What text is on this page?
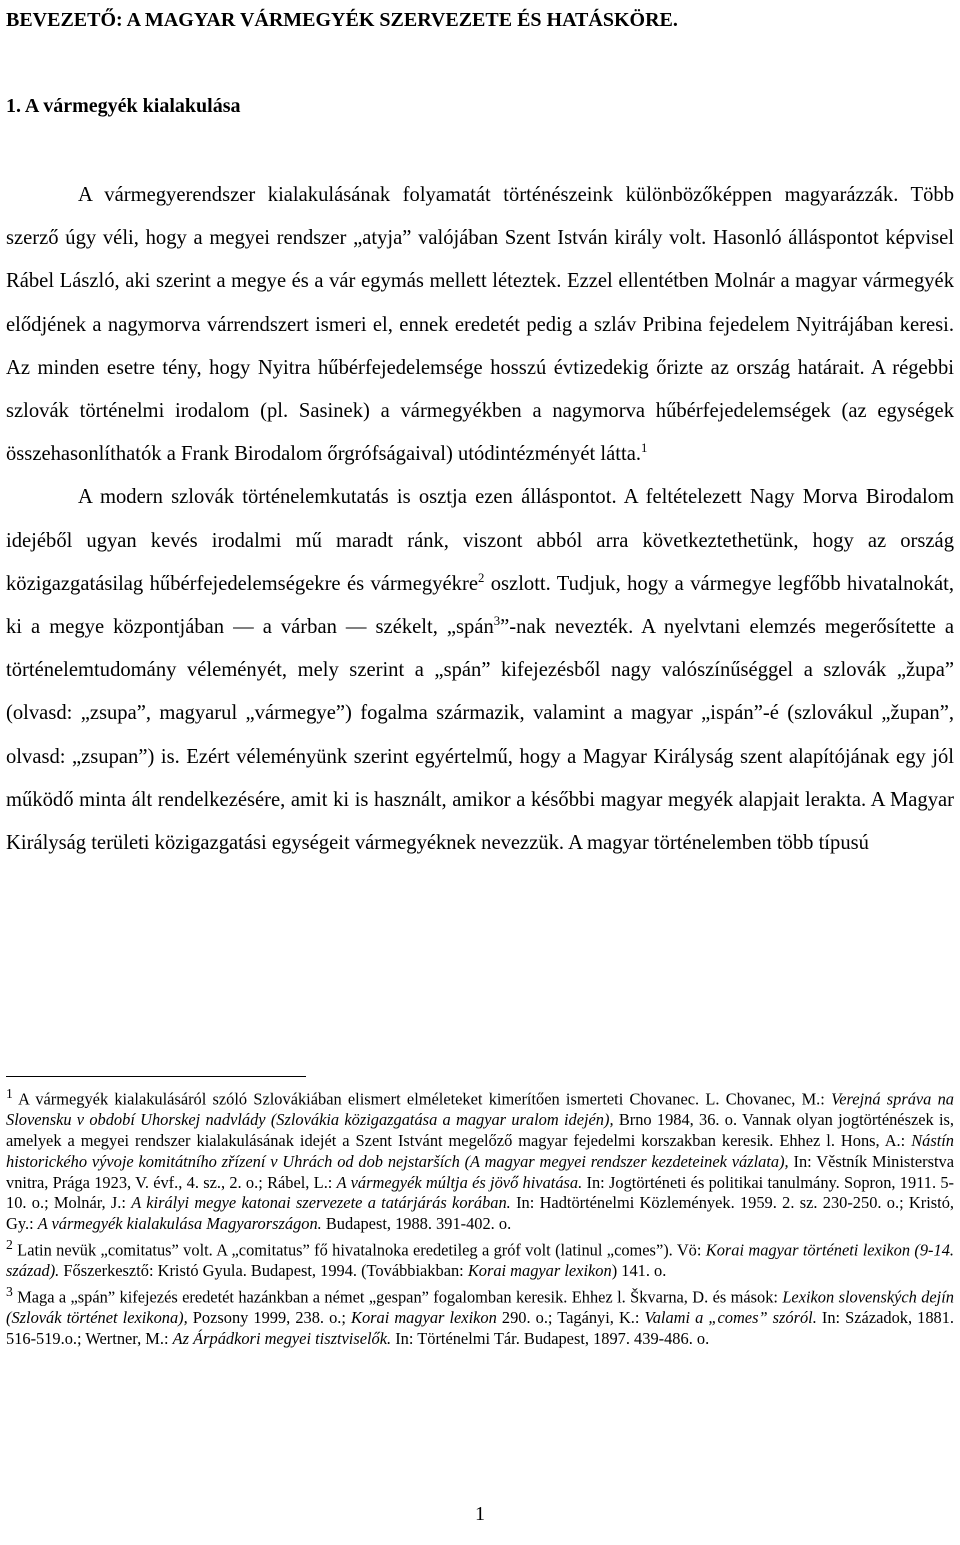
BEVEZETŐ: A MAGYAR VÁRMEGYÉK SZERVEZETE ÉS HATÁSKÖRE.
1. A vármegyék kialakulása

A vármegyerendszer kialakulásának folyamatát történészeink különbözőképpen magyarázzák. Több szerző úgy véli, hogy a megyei rendszer „atyja” valójában Szent István király volt. Hasonló álláspontot képvisel Rábel László, aki szerint a megye és a vár egymás mellett léteztek. Ezzel ellentétben Molnár a magyar vármegyék elődjének a nagymorva várrendszert ismeri el, ennek eredetét pedig a szláv Pribina fejedelem Nyitrájában keresi. Az minden esetre tény, hogy Nyitra hűbérfejedelemsége hosszú évtizedekig őrizte az ország határait. A régebbi szlovák történelmi irodalom (pl. Sasinek) a vármegyékben a nagymorva hűbérfejedelemségek (az egységek összehasonlíthatók a Frank Birodalom őrgrófságaival) utódintézményét látta.$^1$

A modern szlovák történelemkutatás is osztja ezen álláspontot. A feltételezett Nagy Morva Birodalom idejéből ugyan kevés irodalmi mű maradt ránk, viszont abból arra következtethetünk, hogy az ország közigazgatásilag hűbérfejedelemségekre és vármegyékre$^2$ oszlott. Tudjuk, hogy a vármegye legfőbb hivatalnokát, ki a megye központjában — a várban — székelt, „spán$^3$”-nak nevezték. A nyelvtani elemzés megerősítette a történelemtudomány véleményét, mely szerint a „spán” kifejezésből nagy valószínűséggel a szlovák „župa” (olvasd: „zsupa”, magyarul „vármegye”) fogalma származik, valamint a magyar „ispán”-é (szlovákul „župan”, olvasd: „zsupan”) is. Ezért véleményünk szerint egyértelmű, hogy a Magyar Királyság szent alapítójának egy jól működő minta ált rendelkezésére, amit ki is használt, amikor a későbbi magyar megyék alapjait lerakta. A Magyar Királyság területi közigazgatási egységeit vármegyéknek nevezzük. A magyar történelemben több típusú

$^1$ A vármegyék kialakulásáról szóló Szlovákiában elismert elméleteket kimerítően ismerteti Chovanec. L. Chovanec, M.: Verejná správa na Slovensku v období Uhorskej nadvlády (Szlovákia közigazgatása a magyar uralom idején), Brno 1984, 36. o. Vannak olyan jogtörténészek is, amelyek a megyei rendszer kialakulásának idejét a Szent Istvánt megelőző magyar fejedelmi korszakban keresik. Ehhez l. Hons, A.: Nástín historického vývoje komitátního zřízení v Uhrách od dob nejstarších (A magyar megyei rendszer kezdeteinek vázlata), In: Věstník Ministerstva vnitra, Prága 1923, V. évf., 4. sz., 2. o.; Rábel, L.: A vármegyék múltja és jövő hivatása. In: Jogtörténeti és politikai tanulmány. Sopron, 1911. 5-10. o.; Molnár, J.: A királyi megye katonai szervezete a tatárjárás korában. In: Hadtörténelmi Közlemények. 1959. 2. sz. 230-250. o.; Kristó, Gy.: A vármegyék kialakulása Magyarországon. Budapest, 1988. 391-402. o.

$^2$ Latin nevük „comitatus” volt. A „comitatus” fő hivatalnoka eredetileg a gróf volt (latinul „comes”). Vö: Korai magyar történeti lexikon (9-14. század). Főszerkesztő: Kristó Gyula. Budapest, 1994. (Továbbiakban: Korai magyar lexikon) 141. o.

$^3$ Maga a „spán” kifejezés eredetét hazánkban a német „gespan” fogalomban keresik. Ehhez l. Škvarna, D. és mások: Lexikon slovenských dejín (Szlovák történet lexikona), Pozsony 1999, 238. o.; Korai magyar lexikon 290. o.; Tagányi, K.: Valami a „comes” szóról. In: Századok, 1881. 516-519.o.; Wertner, M.: Az Árpádkori megyei tisztviselők. In: Történelmi Tár. Budapest, 1897. 439-486. o.

1
